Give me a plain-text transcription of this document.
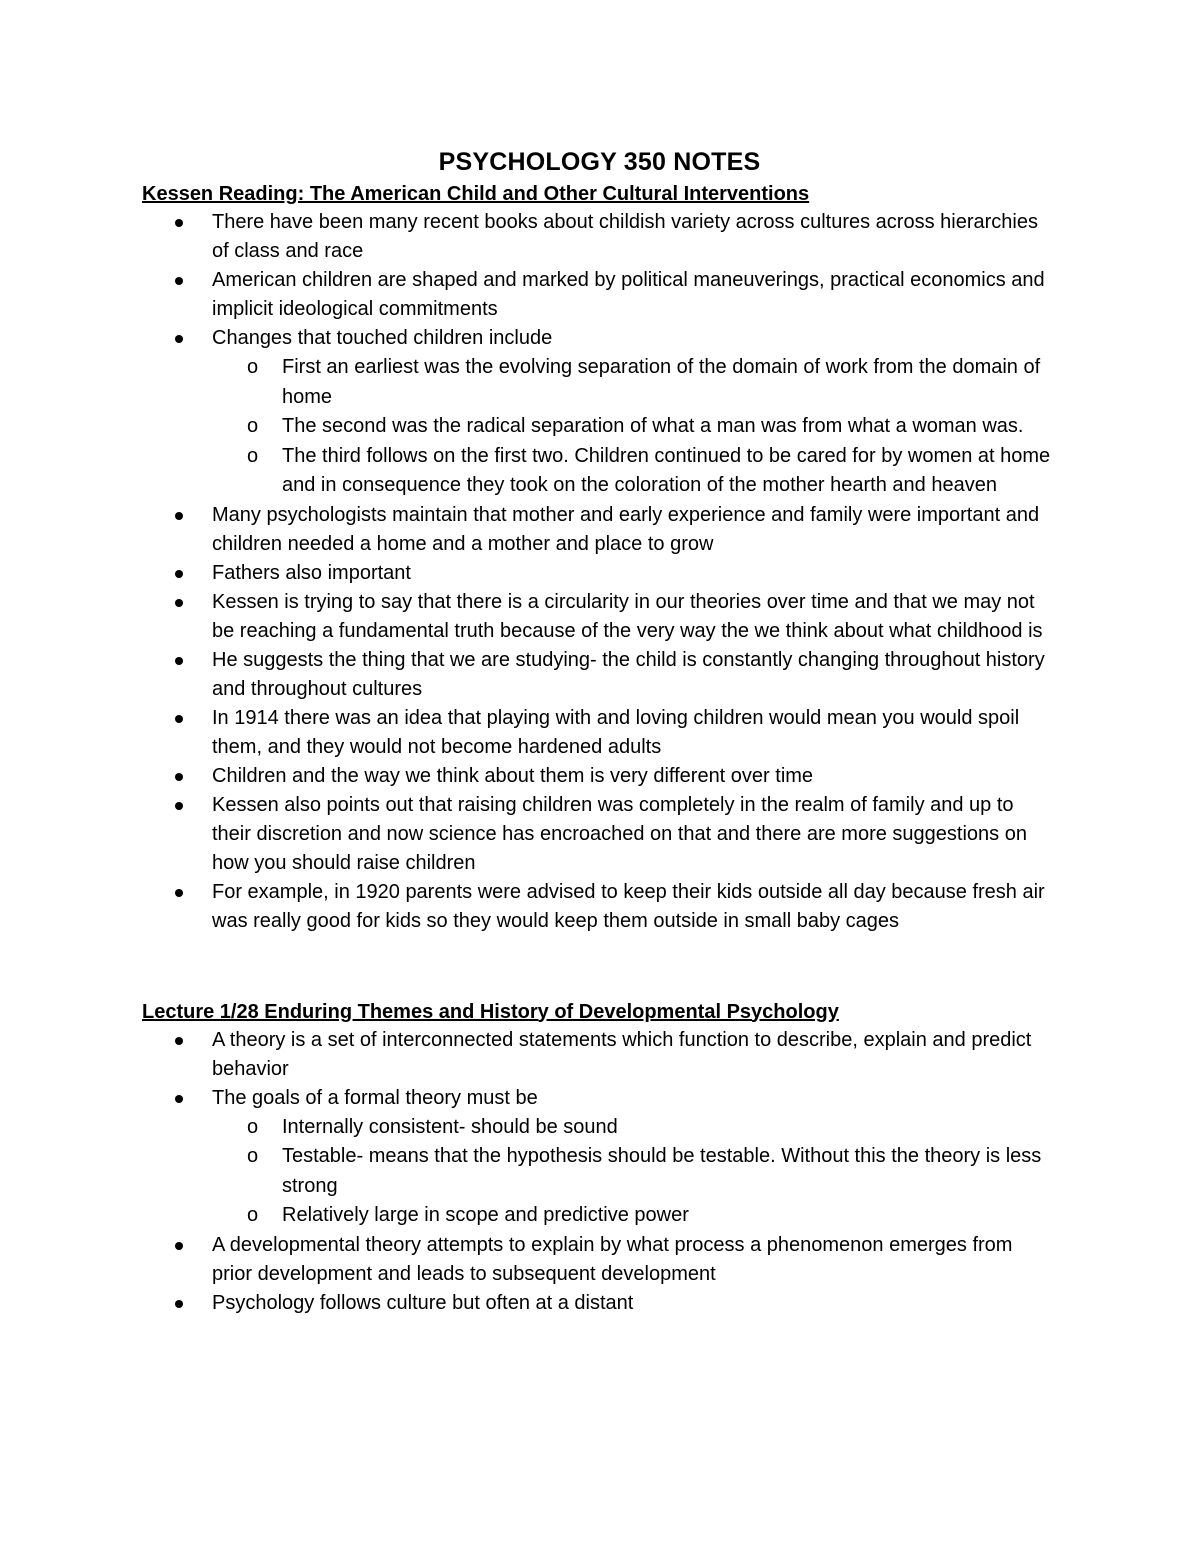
PSYCHOLOGY 350 NOTES
Kessen Reading: The American Child and Other Cultural Interventions
There have been many recent books about childish variety across cultures across hierarchies of class and race
American children are shaped and marked by political maneuverings, practical economics and implicit ideological commitments
Changes that touched children include
o First an earliest was the evolving separation of the domain of work from the domain of home
o The second was the radical separation of what a man was from what a woman was.
o The third follows on the first two. Children continued to be cared for by women at home and in consequence they took on the coloration of the mother hearth and heaven
Many psychologists maintain that mother and early experience and family were important and children needed a home and a mother and place to grow
Fathers also important
Kessen is trying to say that there is a circularity in our theories over time and that we may not be reaching a fundamental truth because of the very way the we think about what childhood is
He suggests the thing that we are studying- the child is constantly changing throughout history and throughout cultures
In 1914 there was an idea that playing with and loving children would mean you would spoil them, and they would not become hardened adults
Children and the way we think about them is very different over time
Kessen also points out that raising children was completely in the realm of family and up to their discretion and now science has encroached on that and there are more suggestions on how you should raise children
For example, in 1920 parents were advised to keep their kids outside all day because fresh air was really good for kids so they would keep them outside in small baby cages
Lecture 1/28 Enduring Themes and History of Developmental Psychology
A theory is a set of interconnected statements which function to describe, explain and predict behavior
The goals of a formal theory must be
o Internally consistent- should be sound
o Testable- means that the hypothesis should be testable. Without this the theory is less strong
o Relatively large in scope and predictive power
A developmental theory attempts to explain by what process a phenomenon emerges from prior development and leads to subsequent development
Psychology follows culture but often at a distant
